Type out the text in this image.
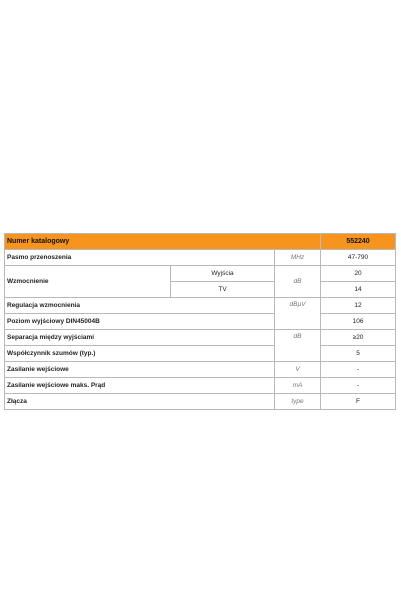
Numer katalogowy			552240
Pasmo przenoszenia		MHz	47-790
Wzmocnienie	Wyjścia	dB	20
	TV		14
Regulacja wzmocnienia		dBµV	12
Poziom wyjściowy DIN45004B			106
Separacja między wyjściami		dB	≥20
Współczynnik szumów (typ.)			5
Zasilanie wejściowe		V	-
Zasilanie wejściowe maks. Prąd		mA	-
Złącza		type	F
